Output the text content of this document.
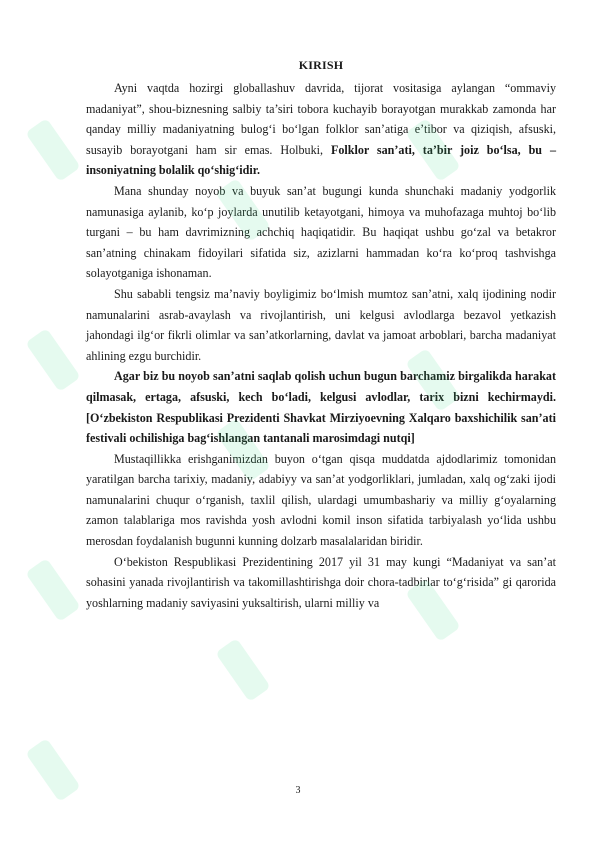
KIRISH

Ayni vaqtda hozirgi globallashuv davrida, tijorat vositasiga aylangan “ommaviy madaniyat”, shou-biznesning salbiy ta’siri tobora kuchayib borayotgan murakkab zamonda har qanday milliy madaniyatning bulog‘i bo‘lgan folklor san’atiga e’tibor va qiziqish, afsuski, susayib borayotgani ham sir emas. Holbuki, Folklor san’ati, ta’bir joiz bo‘lsa, bu – insoniyatning bolalik qo‘shig‘idir.

Mana shunday noyob va buyuk san’at bugungi kunda shunchaki madaniy yodgorlik namunasiga aylanib, ko‘p joylarda unutilib ketayotgani, himoya va muhofazaga muhtoj bo‘lib turgani – bu ham davrimizning achchiq haqiqatidir. Bu haqiqat ushbu go‘zal va betakror san’atning chinakam fidoyilari sifatida siz, azizlarni hammadan ko‘ra ko‘proq tashvishga solayotganiga ishonaman.

Shu sababli tengsiz ma’naviy boyligimiz bo‘lmish mumtoz san’atni, xalq ijodining nodir namunalarini asrab-avaylash va rivojlantirish, uni kelgusi avlodlarga bezavol yetkazish jahondagi ilg‘or fikrli olimlar va san’atkorlarning, davlat va jamoat arboblari, barcha madaniyat ahlining ezgu burchidir.

Agar biz bu noyob san’atni saqlab qolish uchun bugun barchamiz birgalikda harakat qilmasak, ertaga, afsuski, kech bo‘ladi, kelgusi avlodlar, tarix bizni kechirmaydi. [O‘zbekiston Respublikasi Prezidenti Shavkat Mirziyoevning Xalqaro baxshichilik san’ati festivali ochilishiga bag‘ishlangan tantanali marosimdagi nutqi]

Mustaqillikka erishganimizdan buyon o‘tgan qisqa muddatda ajdodlarimiz tomonidan yaratilgan barcha tarixiy, madaniy, adabiyy va san’at yodgorliklari, jumladan, xalq og‘zaki ijodi namunalarini chuqur o‘rganish, taxlil qilish, ulardagi umumbashariy va milliy g‘oyalarning zamon talablariga mos ravishda yosh avlodni komil inson sifatida tarbiyalash yo‘lida ushbu merosdan foydalanish bugunni kunning dolzarb masalalaridan biridir.

O‘bekiston Respublikasi Prezidentining 2017 yil 31 may kungi “Madaniyat va san’at sohasini yanada rivojlantirish va takomillashtirishga doir chora-tadbirlar to‘g‘risida” gi qarorida yoshlarning madaniy saviyasini yuksaltirish, ularni milliy va

3
